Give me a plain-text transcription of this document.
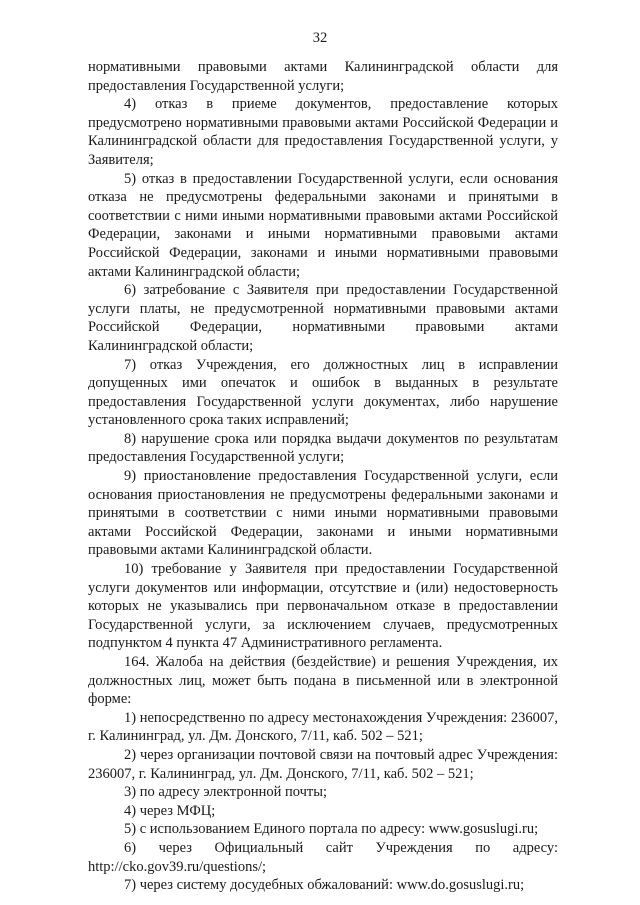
32

нормативными правовыми актами Калининградской области для предоставления Государственной услуги;

4) отказ в приеме документов, предоставление которых предусмотрено нормативными правовыми актами Российской Федерации и Калининградской области для предоставления Государственной услуги, у Заявителя;

5) отказ в предоставлении Государственной услуги, если основания отказа не предусмотрены федеральными законами и принятыми в соответствии с ними иными нормативными правовыми актами Российской Федерации, законами и иными нормативными правовыми актами Российской Федерации, законами и иными нормативными правовыми актами Калининградской области;

6) затребование с Заявителя при предоставлении Государственной услуги платы, не предусмотренной нормативными правовыми актами Российской Федерации, нормативными правовыми актами Калининградской области;

7) отказ Учреждения, его должностных лиц в исправлении допущенных ими опечаток и ошибок в выданных в результате предоставления Государственной услуги документах, либо нарушение установленного срока таких исправлений;

8) нарушение срока или порядка выдачи документов по результатам предоставления Государственной услуги;

9) приостановление предоставления Государственной услуги, если основания приостановления не предусмотрены федеральными законами и принятыми в соответствии с ними иными нормативными правовыми актами Российской Федерации, законами и иными нормативными правовыми актами Калининградской области.

10) требование у Заявителя при предоставлении Государственной услуги документов или информации, отсутствие и (или) недостоверность которых не указывались при первоначальном отказе в предоставлении Государственной услуги, за исключением случаев, предусмотренных подпунктом 4 пункта 47 Административного регламента.

164. Жалоба на действия (бездействие) и решения Учреждения, их должностных лиц, может быть подана в письменной или в электронной форме:

1) непосредственно по адресу местонахождения Учреждения: 236007, г. Калининград, ул. Дм. Донского, 7/11, каб. 502 – 521;

2) через организации почтовой связи на почтовый адрес Учреждения: 236007, г. Калининград, ул. Дм. Донского, 7/11, каб. 502 – 521;

3) по адресу электронной почты;

4) через МФЦ;

5) с использованием Единого портала по адресу: www.gosuslugi.ru;

6) через Официальный сайт Учреждения по адресу: http://cko.gov39.ru/questions/;

7) через систему досудебных обжалований: www.do.gosuslugi.ru;
